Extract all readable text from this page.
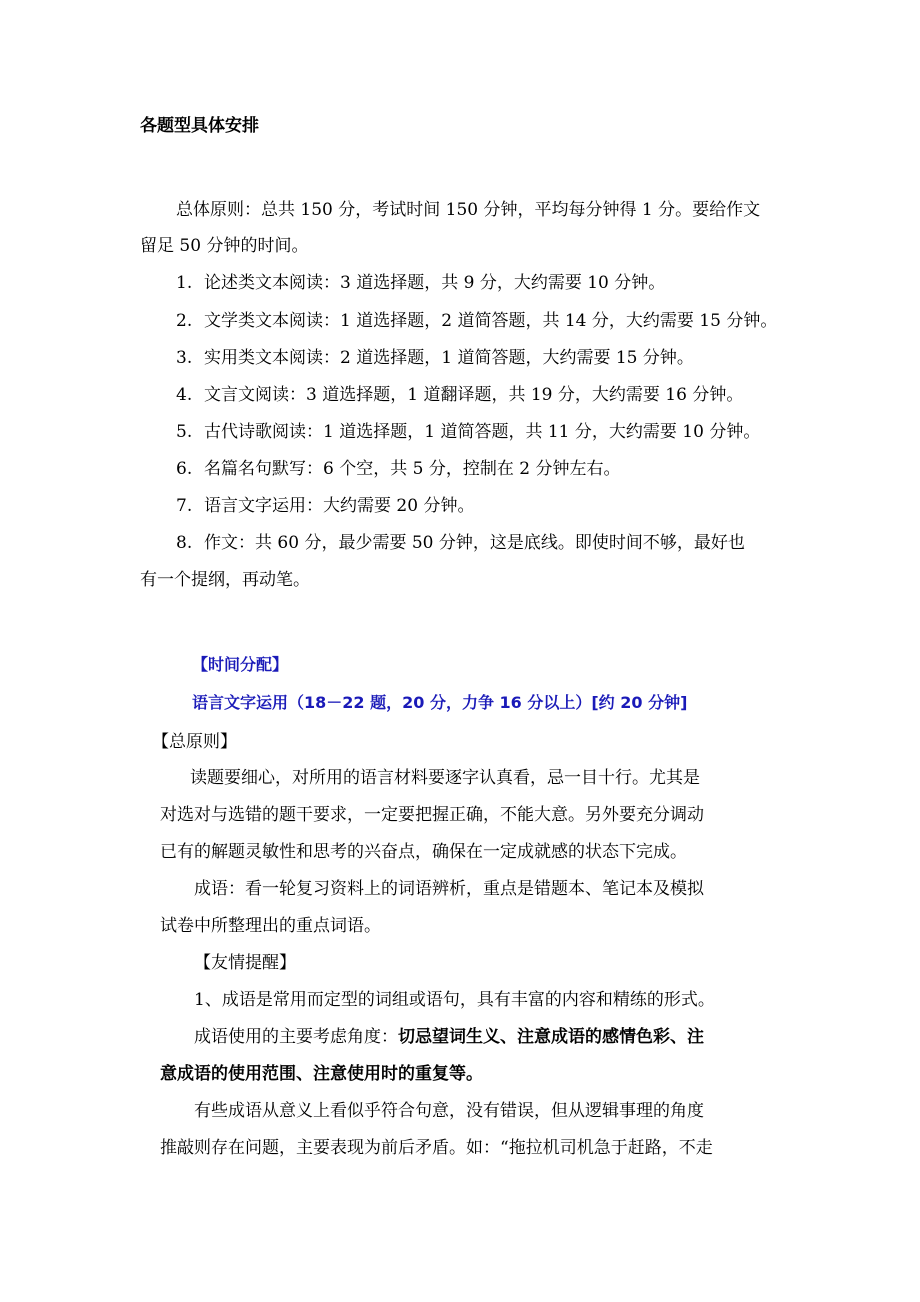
各题型具体安排
总体原则：总共 150 分，考试时间 150 分钟，平均每分钟得 1 分。要给作文
留足 50 分钟的时间。
1. 论述类文本阅读：3 道选择题，共 9 分，大约需要 10 分钟。
2. 文学类文本阅读：1 道选择题，2 道简答题，共 14 分，大约需要 15 分钟。
3. 实用类文本阅读：2 道选择题，1 道简答题，大约需要 15 分钟。
4. 文言文阅读：3 道选择题，1 道翻译题，共 19 分，大约需要 16 分钟。
5. 古代诗歌阅读：1 道选择题，1 道简答题，共 11 分，大约需要 10 分钟。
6. 名篇名句默写：6 个空，共 5 分，控制在 2 分钟左右。
7. 语言文字运用：大约需要 20 分钟。
8. 作文：共 60 分，最少需要 50 分钟，这是底线。即使时间不够，最好也
有一个提纲，再动笔。
【时间分配】
语言文字运用（18－22 题，20 分，力争 16 分以上）[约 20 分钟]
【总原则】
读题要细心，对所用的语言材料要逐字认真看，忌一目十行。尤其是
对选对与选错的题干要求，一定要把握正确，不能大意。另外要充分调动
已有的解题灵敏性和思考的兴奋点，确保在一定成就感的状态下完成。
成语：看一轮复习资料上的词语辨析，重点是错题本、笔记本及模拟
试卷中所整理出的重点词语。
【友情提醒】
1、成语是常用而定型的词组或语句，具有丰富的内容和精练的形式。
成语使用的主要考虑角度：切忌望词生义、注意成语的感情色彩、注
意成语的使用范围、注意使用时的重复等。
有些成语从意义上看似乎符合句意，没有错误，但从逻辑事理的角度
推敲则存在问题，主要表现为前后矛盾。如：“拖拉机司机急于赶路，不走
